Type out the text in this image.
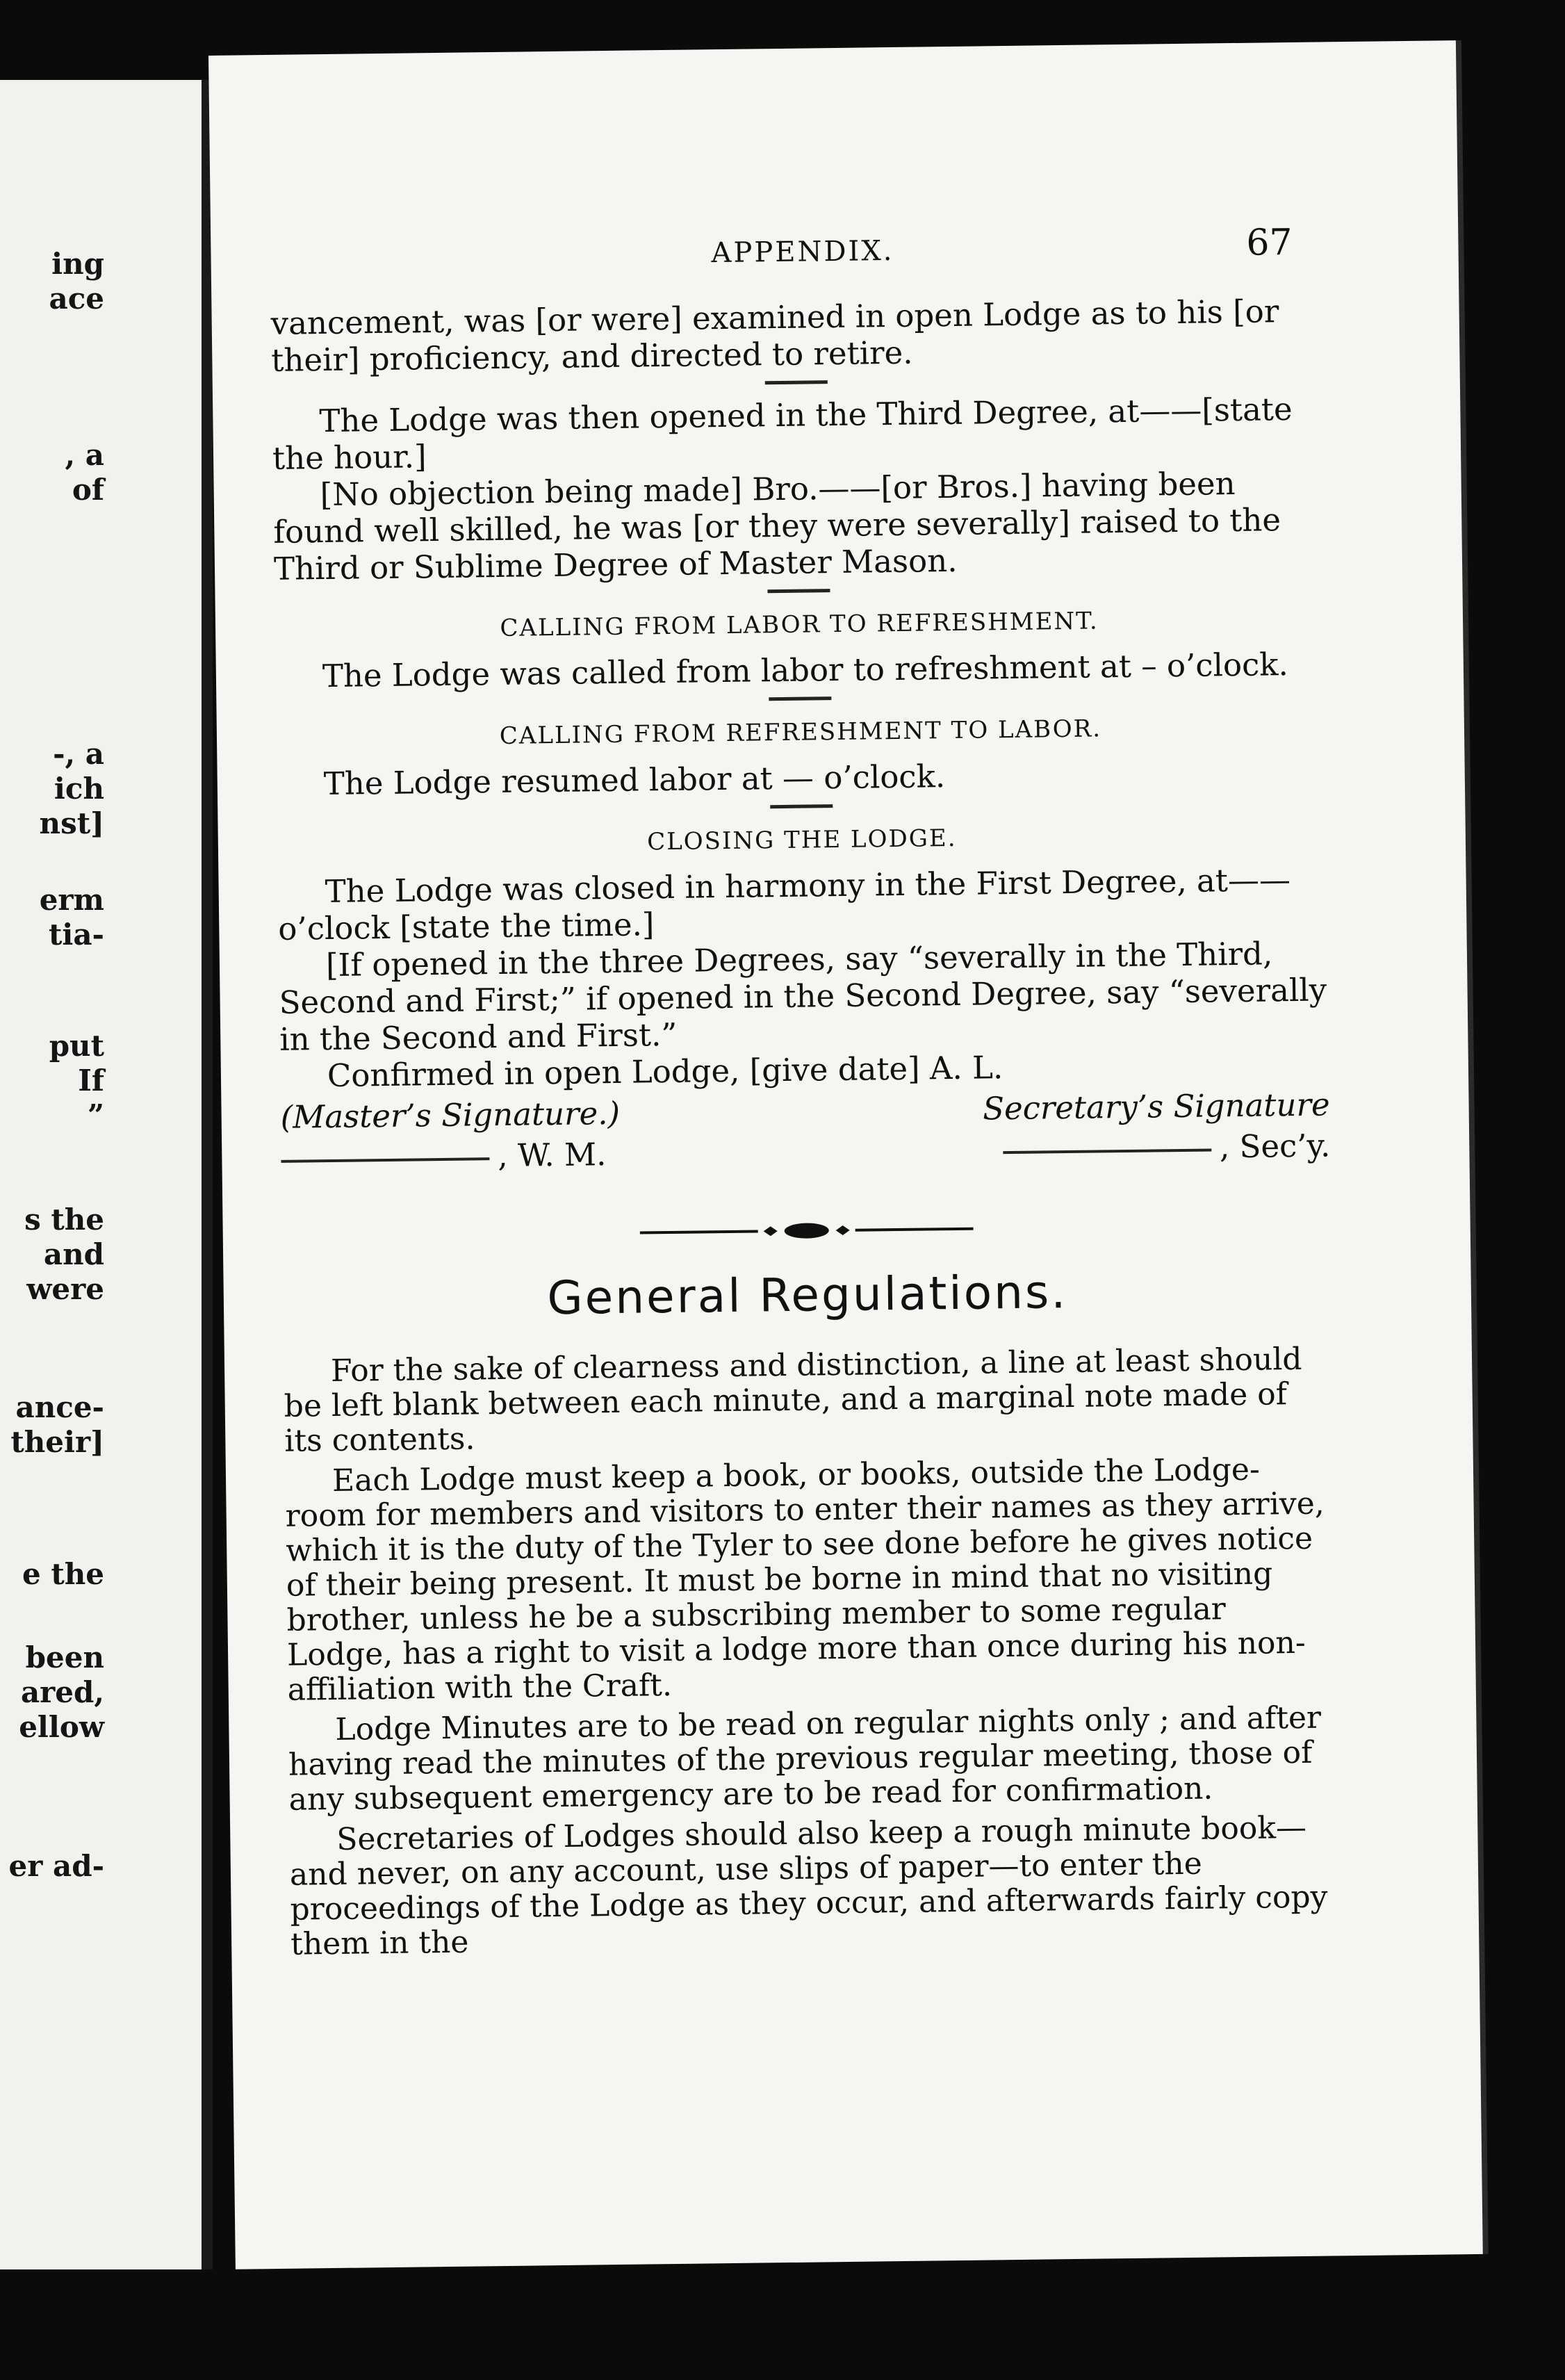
ing
ace
, a
of
-, a
ich
nst]
erm
tia-
put
If
”
s the
and
were
ance-
their]
e the
been
ared,
ellow
er ad-
APPENDIX.	67

vancement, was [or were] examined in open Lodge as to his [or their] proficiency, and directed to retire.

The Lodge was then opened in the Third Degree, at——[state the hour.]

[No objection being made] Bro.——[or Bros.] having been found well skilled, he was [or they were severally] raised to the Third or Sublime Degree of Master Mason.

CALLING FROM LABOR TO REFRESHMENT.

The Lodge was called from labor to refreshment at – o’clock.

CALLING FROM REFRESHMENT TO LABOR.

The Lodge resumed labor at — o’clock.

CLOSING THE LODGE.

The Lodge was closed in harmony in the First Degree, at—— o’clock [state the time.]

[If opened in the three Degrees, say “severally in the Third, Second and First;” if opened in the Second Degree, say “severally in the Second and First.”

Confirmed in open Lodge, [give date] A. L.

(Master’s Signature.)	Secretary’s Signature
, W. M.	, Sec’y.
General Regulations.

For the sake of clearness and distinction, a line at least should be left blank between each minute, and a marginal note made of its contents.

Each Lodge must keep a book, or books, outside the Lodge-room for members and visitors to enter their names as they arrive, which it is the duty of the Tyler to see done before he gives notice of their being present. It must be borne in mind that no visiting brother, unless he be a subscribing member to some regular Lodge, has a right to visit a lodge more than once during his non-affiliation with the Craft.

Lodge Minutes are to be read on regular nights only ; and after having read the minutes of the previous regular meeting, those of any subsequent emergency are to be read for confirmation.

Secretaries of Lodges should also keep a rough minute book—and never, on any account, use slips of paper—to enter the proceedings of the Lodge as they occur, and afterwards fairly copy them in the
